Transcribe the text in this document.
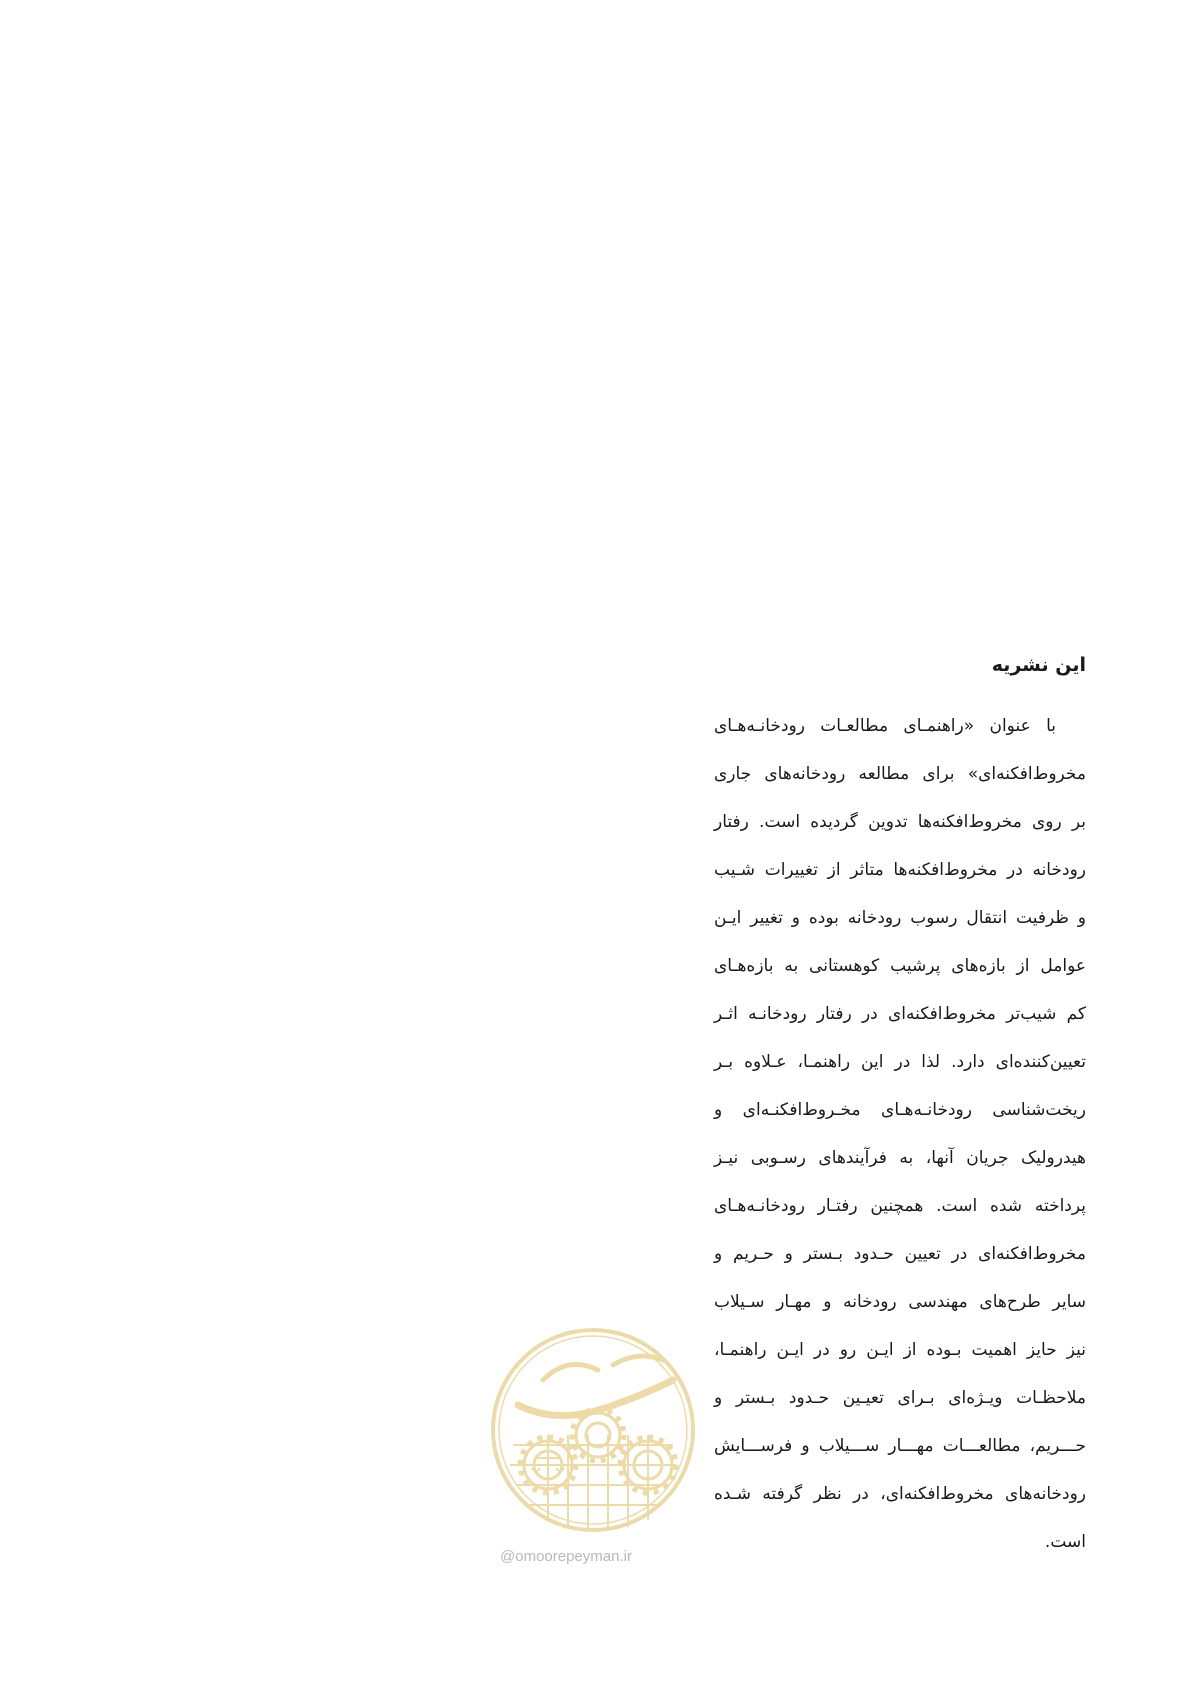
این نشریه
با عنوان «راهنمـای مطالعـات رودخانـه‌هـای
مخروط‌افکنه‌ای» برای مطالعه رودخانه‌های جاری
بر روی مخروط‌افکنه‌ها تدوین گردیده است. رفتار
رودخانه در مخروط‌افکنه‌ها متاثر از تغییرات شـیب
و ظرفیت انتقال رسوب رودخانه بوده و تغییر ایـن
عوامل از بازه‌های پرشیب کوهستانی به بازه‌هـای
کم شیب‌تر مخروط‌افکنه‌ای در رفتار رودخانـه اثـر
تعیین‌کننده‌ای دارد. لذا در این راهنمـا، عـلاوه بـر
ریخت‌شناسی رودخانـه‌هـای مخـروط‌افکنـه‌ای و
هیدرولیک جریان آنها، به فرآیندهای رسـوبی نیـز
پرداخته شده است. همچنین رفتـار رودخانـه‌هـای
مخروط‌افکنه‌ای در تعیین حـدود بـستر و حـریم و
سایر طرح‌های مهندسی رودخانه و مهـار سـیلاب
نیز حایز اهمیت بـوده از ایـن رو در ایـن راهنمـا،
ملاحظـات ویـژه‌ای بـرای تعیـین حـدود بـستر و
حـــریم، مطالعـــات مهـــار ســـیلاب و فرســـایش
رودخانه‌های مخروط‌افکنه‌ای، در نظر گرفته شـده
است.
@omoorepeyman.ir
